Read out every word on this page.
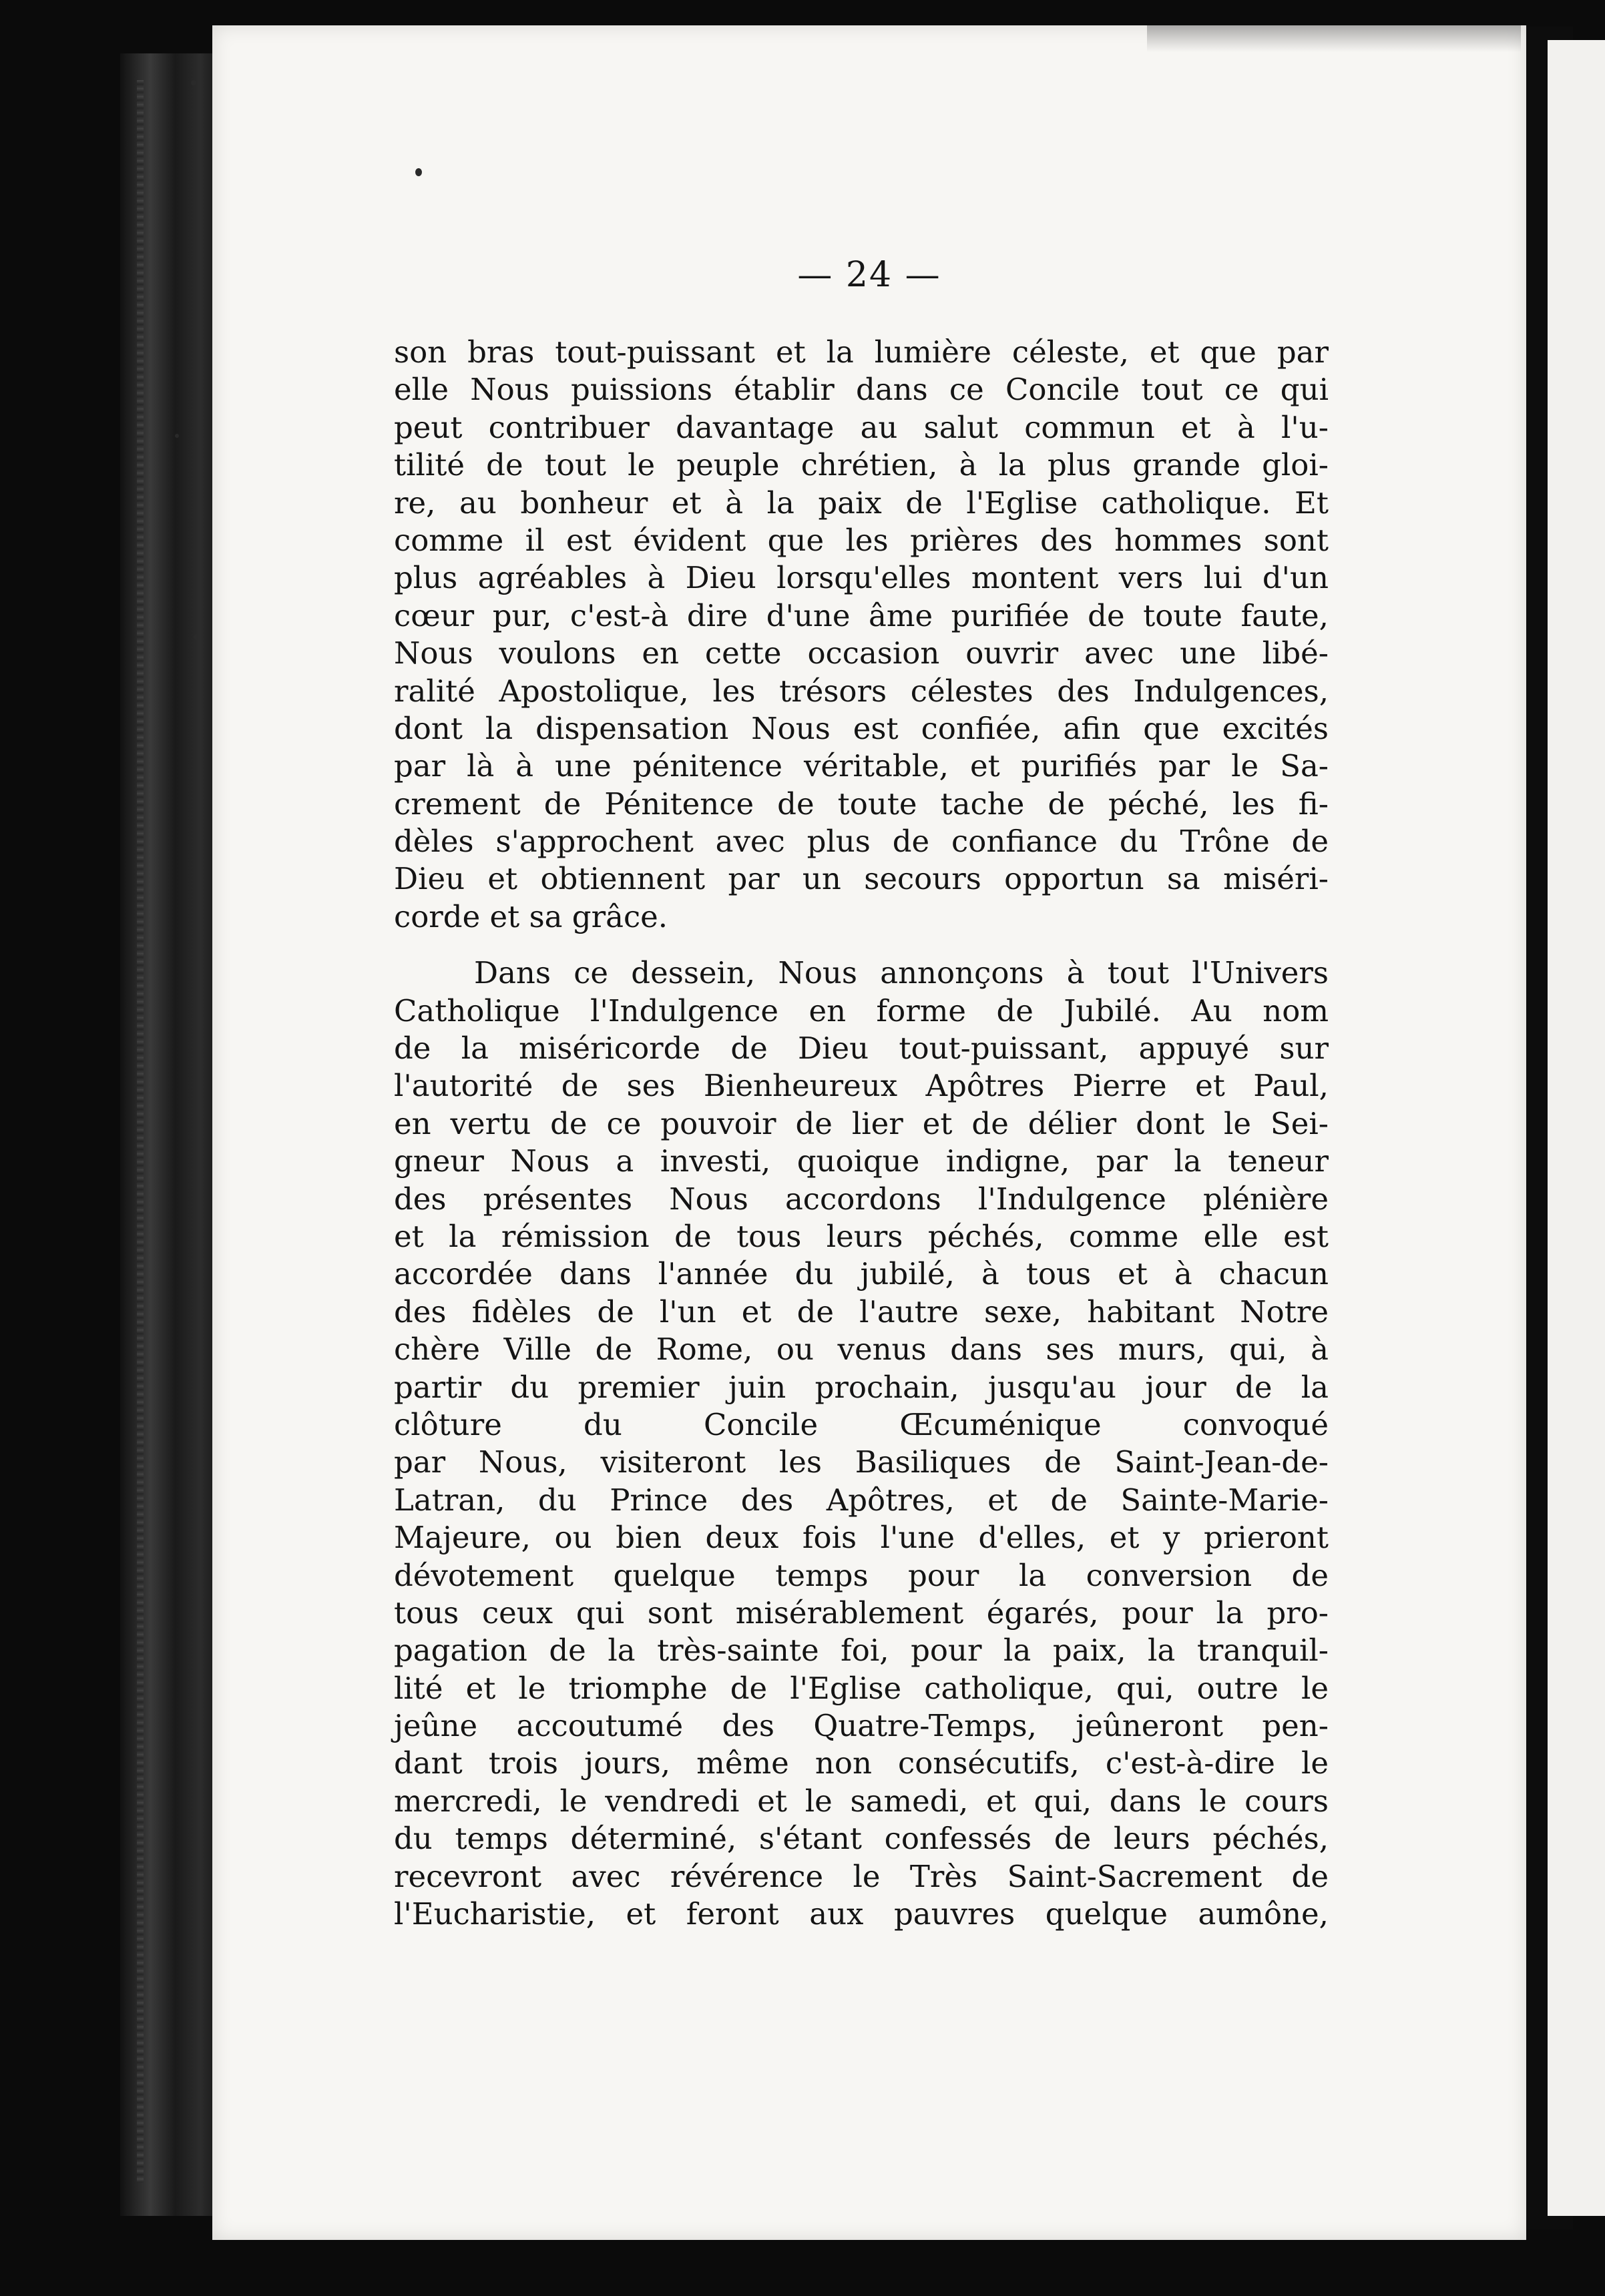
— 24 —
son bras tout-puissant et la lumière céleste, et que par
elle Nous puissions établir dans ce Concile tout ce qui
peut contribuer davantage au salut commun et à l'u-
tilité de tout le peuple chrétien, à la plus grande gloi-
re, au bonheur et à la paix de l'Eglise catholique. Et
comme il est évident que les prières des hommes sont
plus agréables à Dieu lorsqu'elles montent vers lui d'un
cœur pur, c'est-à dire d'une âme purifiée de toute faute,
Nous voulons en cette occasion ouvrir avec une libé-
ralité Apostolique, les trésors célestes des Indulgences,
dont la dispensation Nous est confiée, afin que excités
par là à une pénitence véritable, et purifiés par le Sa-
crement de Pénitence de toute tache de péché, les fi-
dèles s'approchent avec plus de confiance du Trône de
Dieu et obtiennent par un secours opportun sa miséri-
corde et sa grâce.
Dans ce dessein, Nous annonçons à tout l'Univers
Catholique l'Indulgence en forme de Jubilé. Au nom
de la miséricorde de Dieu tout-puissant, appuyé sur
l'autorité de ses Bienheureux Apôtres Pierre et Paul,
en vertu de ce pouvoir de lier et de délier dont le Sei-
gneur Nous a investi, quoique indigne, par la teneur
des présentes Nous accordons l'Indulgence plénière
et la rémission de tous leurs péchés, comme elle est
accordée dans l'année du jubilé, à tous et à chacun
des fidèles de l'un et de l'autre sexe, habitant Notre
chère Ville de Rome, ou venus dans ses murs, qui, à
partir du premier juin prochain, jusqu'au jour de la
clôture du Concile Œcuménique convoqué
par Nous, visiteront les Basiliques de Saint-Jean-de-
Latran, du Prince des Apôtres, et de Sainte-Marie-
Majeure, ou bien deux fois l'une d'elles, et y prieront
dévotement quelque temps pour la conversion de
tous ceux qui sont misérablement égarés, pour la pro-
pagation de la très-sainte foi, pour la paix, la tranquil-
lité et le triomphe de l'Eglise catholique, qui, outre le
jeûne accoutumé des Quatre-Temps, jeûneront pen-
dant trois jours, même non consécutifs, c'est-à-dire le
mercredi, le vendredi et le samedi, et qui, dans le cours
du temps déterminé, s'étant confessés de leurs péchés,
recevront avec révérence le Très Saint-Sacrement de
l'Eucharistie, et feront aux pauvres quelque aumône,
